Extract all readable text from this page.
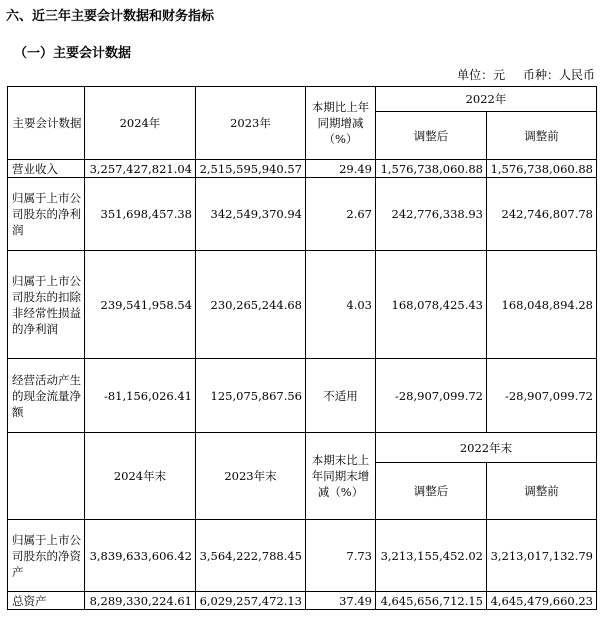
六、近三年主要会计数据和财务指标
（一）主要会计数据
单位：元 币种：人民币
主要会计数据	2024年	2023年	本期比上年同期增减（%）	2022年	
				调整后	调整前
营业收入	3,257,427,821.04	2,515,595,940.57	29.49	1,576,738,060.88	1,576,738,060.88
归属于上市公司股东的净利润	351,698,457.38	342,549,370.94	2.67	242,776,338.93	242,746,807.78
归属于上市公司股东的扣除非经常性损益的净利润	239,541,958.54	230,265,244.68	4.03	168,078,425.43	168,048,894.28
经营活动产生的现金流量净额	-81,156,026.41	125,075,867.56	不适用	-28,907,099.72	-28,907,099.72
	2024年末	2023年末	本期末比上年同期末增减（%）	2022年末	
				调整后	调整前
归属于上市公司股东的净资产	3,839,633,606.42	3,564,222,788.45	7.73	3,213,155,452.02	3,213,017,132.79
总资产	8,289,330,224.61	6,029,257,472.13	37.49	4,645,656,712.15	4,645,479,660.23
